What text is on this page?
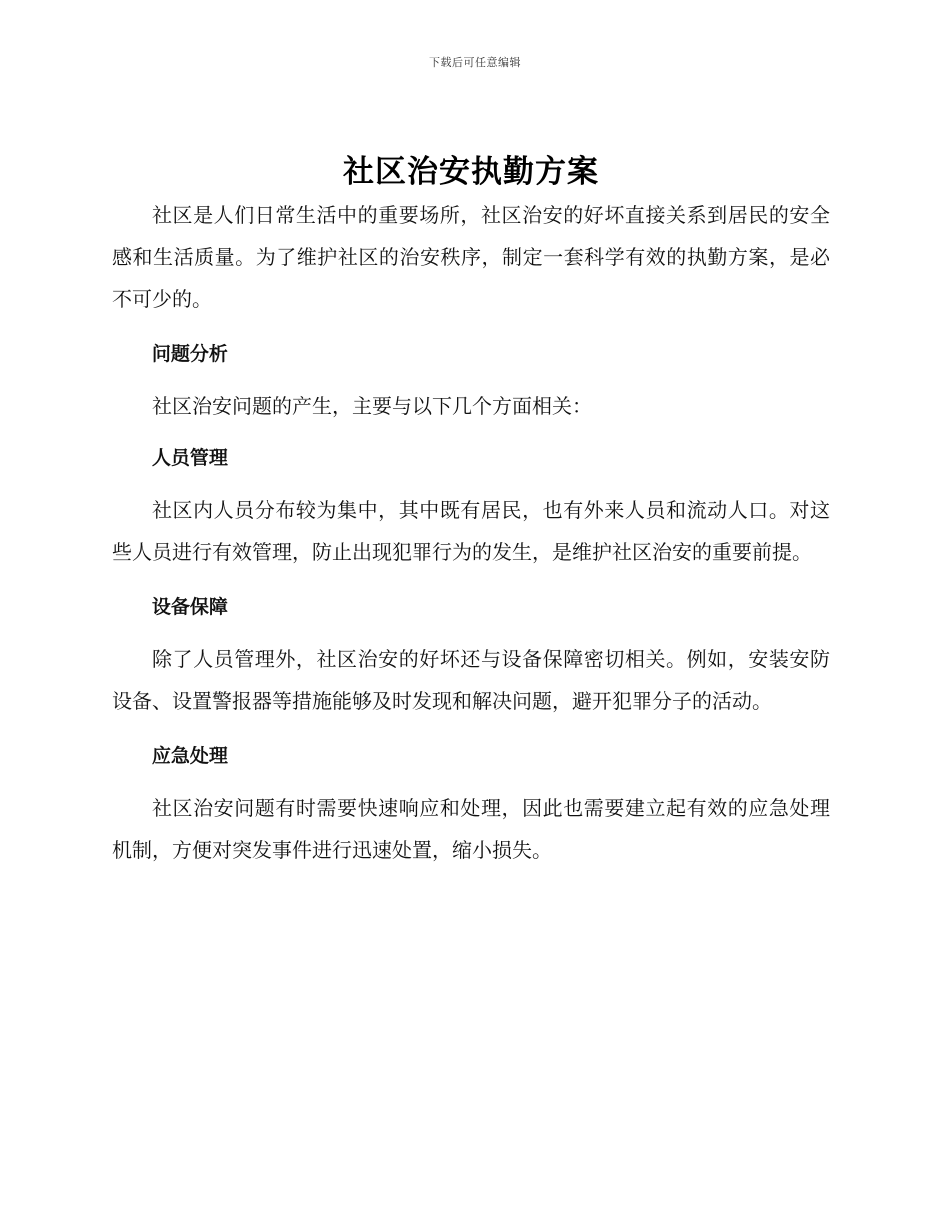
下载后可任意编辑
社区治安执勤方案

社区是人们日常生活中的重要场所，社区治安的好坏直接关系到居民的安全感和生活质量。为了维护社区的治安秩序，制定一套科学有效的执勤方案，是必不可少的。

问题分析

社区治安问题的产生，主要与以下几个方面相关：

人员管理

社区内人员分布较为集中，其中既有居民，也有外来人员和流动人口。对这些人员进行有效管理，防止出现犯罪行为的发生，是维护社区治安的重要前提。

设备保障

除了人员管理外，社区治安的好坏还与设备保障密切相关。例如，安装安防设备、设置警报器等措施能够及时发现和解决问题，避开犯罪分子的活动。

应急处理

社区治安问题有时需要快速响应和处理，因此也需要建立起有效的应急处理机制，方便对突发事件进行迅速处置，缩小损失。
